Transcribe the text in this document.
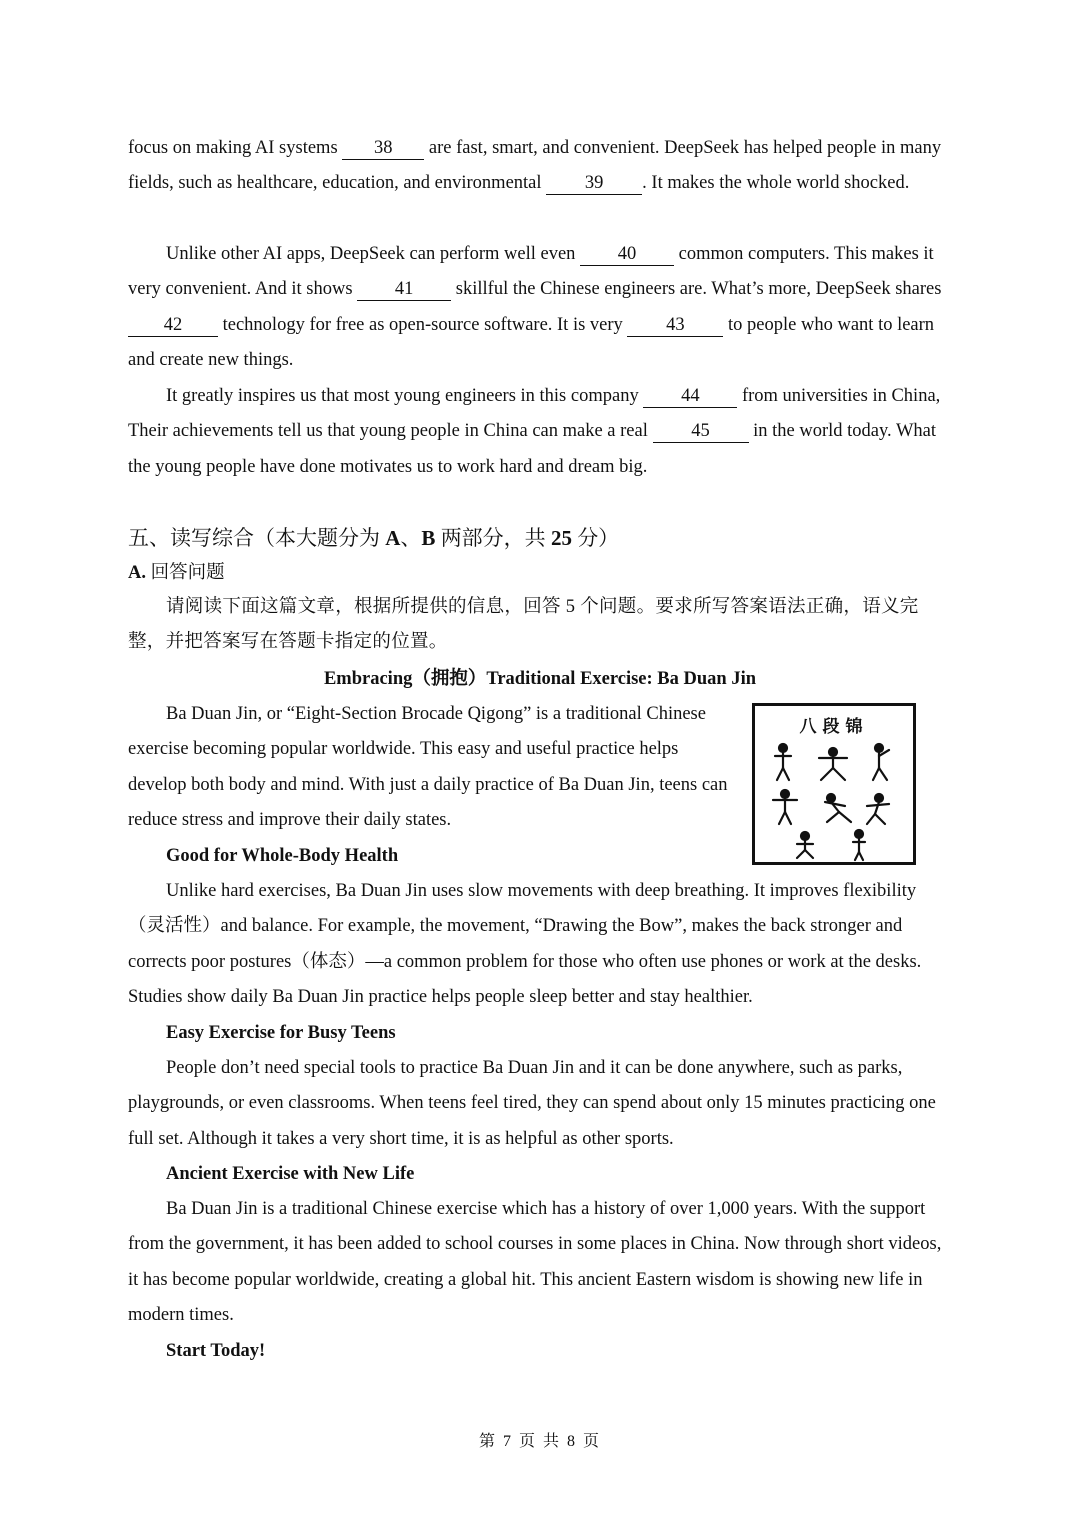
focus on making AI systems 38 are fast, smart, and convenient. DeepSeek has helped people in many fields, such as healthcare, education, and environmental 39 . It makes the whole world shocked.

Unlike other AI apps, DeepSeek can perform well even 40 common computers. This makes it very convenient. And it shows 41 skillful the Chinese engineers are. What’s more, DeepSeek shares 42 technology for free as open-source software. It is very 43 to people who want to learn and create new things.

It greatly inspires us that most young engineers in this company 44 from universities in China, Their achievements tell us that young people in China can make a real 45 in the world today. What the young people have done motivates us to work hard and dream big.

五、读写综合（本大题分为 A、B 两部分，共 25 分）

A. 回答问题

请阅读下面这篇文章，根据所提供的信息，回答 5 个问题。要求所写答案语法正确，语义完整，并把答案写在答题卡指定的位置。

Embracing（拥抱）Traditional Exercise: Ba Duan Jin

Ba Duan Jin, or “Eight-Section Brocade Qigong” is a traditional Chinese exercise becoming popular worldwide. This easy and useful practice helps develop both body and mind. With just a daily practice of Ba Duan Jin, teens can reduce stress and improve their daily states.

八段锦

Good for Whole-Body Health

Unlike hard exercises, Ba Duan Jin uses slow movements with deep breathing. It improves flexibility（灵活性）and balance. For example, the movement, “Drawing the Bow”, makes the back stronger and corrects poor postures（体态）—a common problem for those who often use phones or work at the desks. Studies show daily Ba Duan Jin practice helps people sleep better and stay healthier.

Easy Exercise for Busy Teens

People don’t need special tools to practice Ba Duan Jin and it can be done anywhere, such as parks, playgrounds, or even classrooms. When teens feel tired, they can spend about only 15 minutes practicing one full set. Although it takes a very short time, it is as helpful as other sports.

Ancient Exercise with New Life

Ba Duan Jin is a traditional Chinese exercise which has a history of over 1,000 years. With the support from the government, it has been added to school courses in some places in China. Now through short videos, it has become popular worldwide, creating a global hit. This ancient Eastern wisdom is showing new life in modern times.

Start Today!

第 7 页 共 8 页
